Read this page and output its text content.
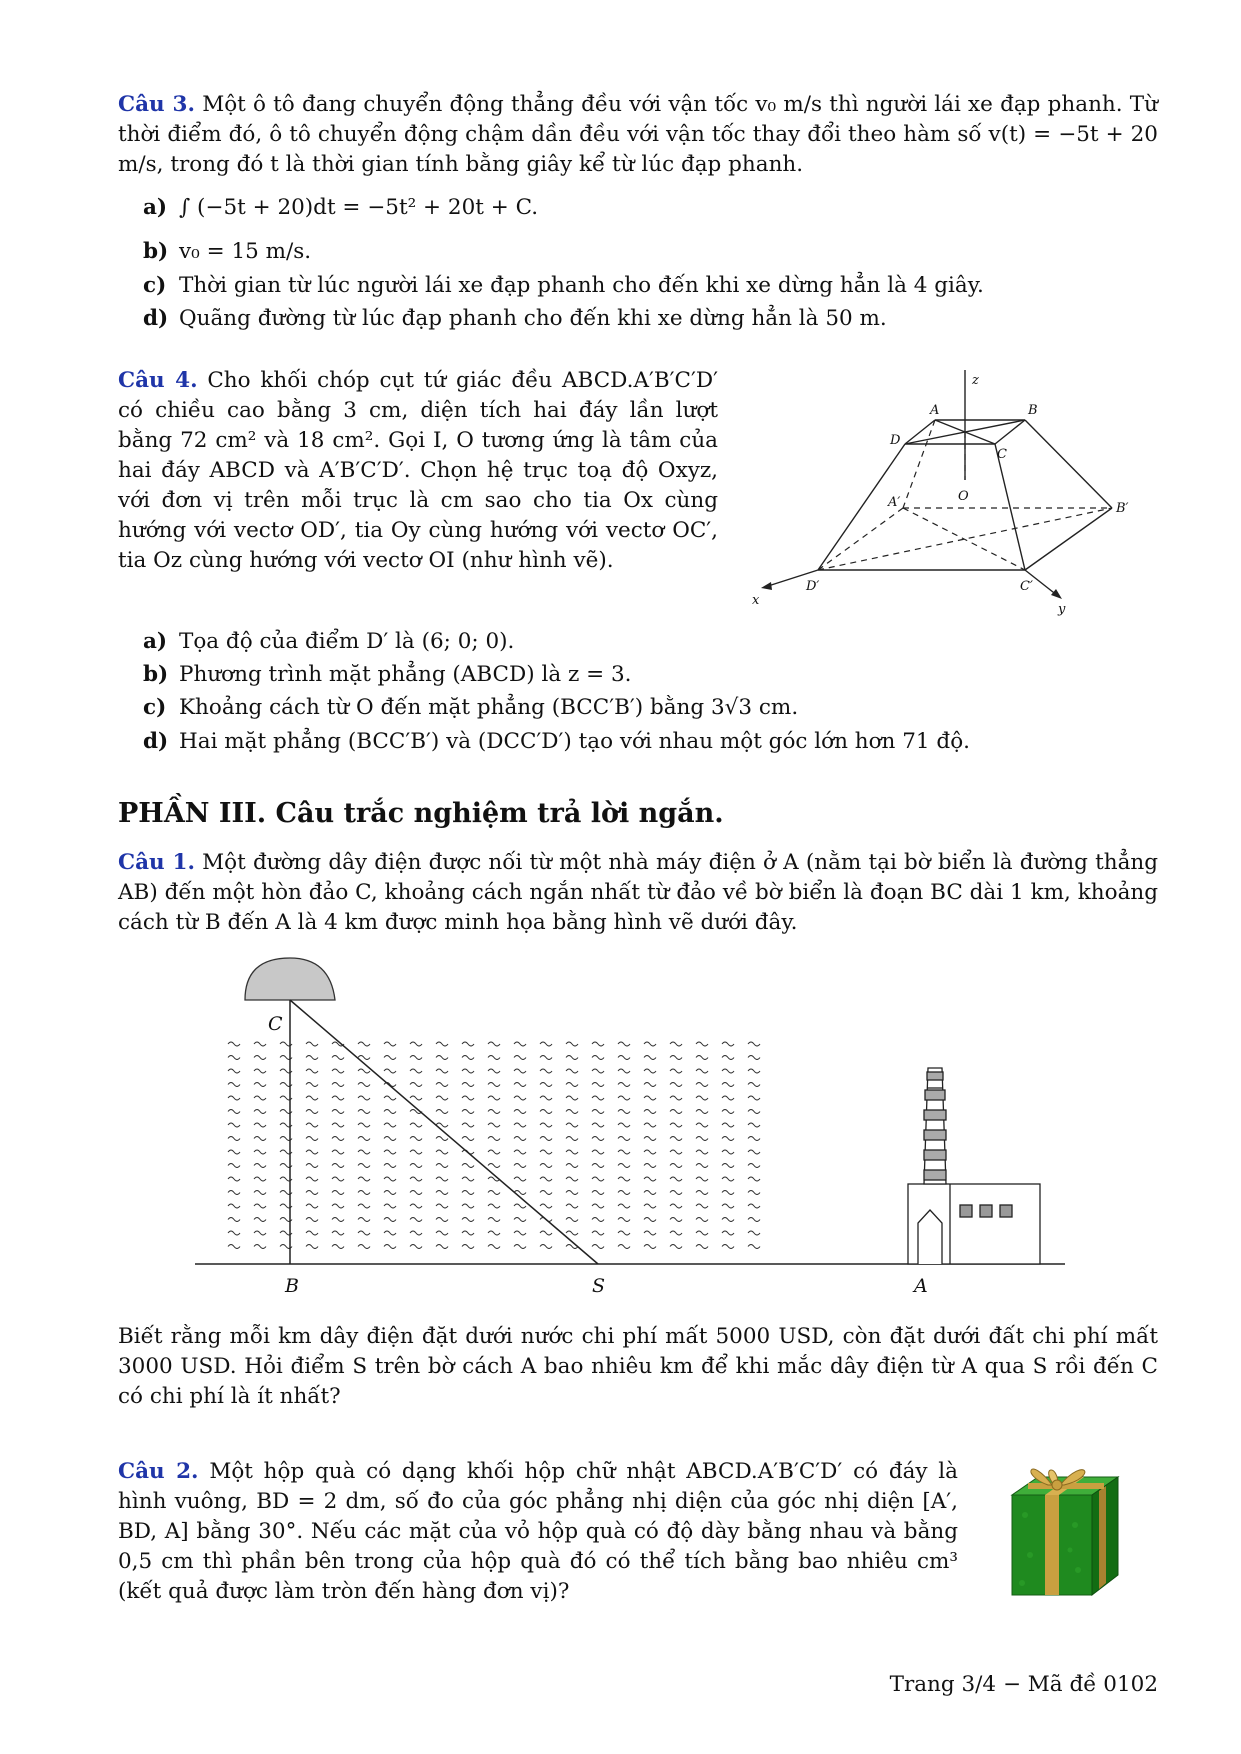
Câu 3. Một ô tô đang chuyển động thẳng đều với vận tốc v₀ m/s thì người lái xe đạp phanh. Từ thời điểm đó, ô tô chuyển động chậm dần đều với vận tốc thay đổi theo hàm số v(t) = −5t + 20 m/s, trong đó t là thời gian tính bằng giây kể từ lúc đạp phanh.
a) ∫ (−5t + 20)dt = −5t² + 20t + C.
b) v₀ = 15 m/s.
c) Thời gian từ lúc người lái xe đạp phanh cho đến khi xe dừng hẳn là 4 giây.
d) Quãng đường từ lúc đạp phanh cho đến khi xe dừng hẳn là 50 m.
Câu 4. Cho khối chóp cụt tứ giác đều ABCD.A′B′C′D′ có chiều cao bằng 3 cm, diện tích hai đáy lần lượt bằng 72 cm² và 18 cm². Gọi I, O tương ứng là tâm của hai đáy ABCD và A′B′C′D′. Chọn hệ trục toạ độ Oxyz, với đơn vị trên mỗi trục là cm sao cho tia Ox cùng hướng với vectơ OD′, tia Oy cùng hướng với vectơ OC′, tia Oz cùng hướng với vectơ OI (như hình vẽ).
z
A	B
C
D
A′	B′
C′
D′
O
x
y
a) Tọa độ của điểm D′ là (6; 0; 0).
b) Phương trình mặt phẳng (ABCD) là z = 3.
c) Khoảng cách từ O đến mặt phẳng (BCC′B′) bằng 3√3 cm.
d) Hai mặt phẳng (BCC′B′) và (DCC′D′) tạo với nhau một góc lớn hơn 71 độ.
PHẦN III. Câu trắc nghiệm trả lời ngắn.
Câu 1. Một đường dây điện được nối từ một nhà máy điện ở A (nằm tại bờ biển là đường thẳng AB) đến một hòn đảo C, khoảng cách ngắn nhất từ đảo về bờ biển là đoạn BC dài 1 km, khoảng cách từ B đến A là 4 km được minh họa bằng hình vẽ dưới đây.
C
B	S	A
Biết rằng mỗi km dây điện đặt dưới nước chi phí mất 5000 USD, còn đặt dưới đất chi phí mất 3000 USD. Hỏi điểm S trên bờ cách A bao nhiêu km để khi mắc dây điện từ A qua S rồi đến C có chi phí là ít nhất?
Câu 2. Một hộp quà có dạng khối hộp chữ nhật ABCD.A′B′C′D′ có đáy là hình vuông, BD = 2 dm, số đo của góc phẳng nhị diện của góc nhị diện [A′, BD, A] bằng 30°. Nếu các mặt của vỏ hộp quà có độ dày bằng nhau và bằng 0,5 cm thì phần bên trong của hộp quà đó có thể tích bằng bao nhiêu cm³ (kết quả được làm tròn đến hàng đơn vị)?
Trang 3/4 − Mã đề 0102
